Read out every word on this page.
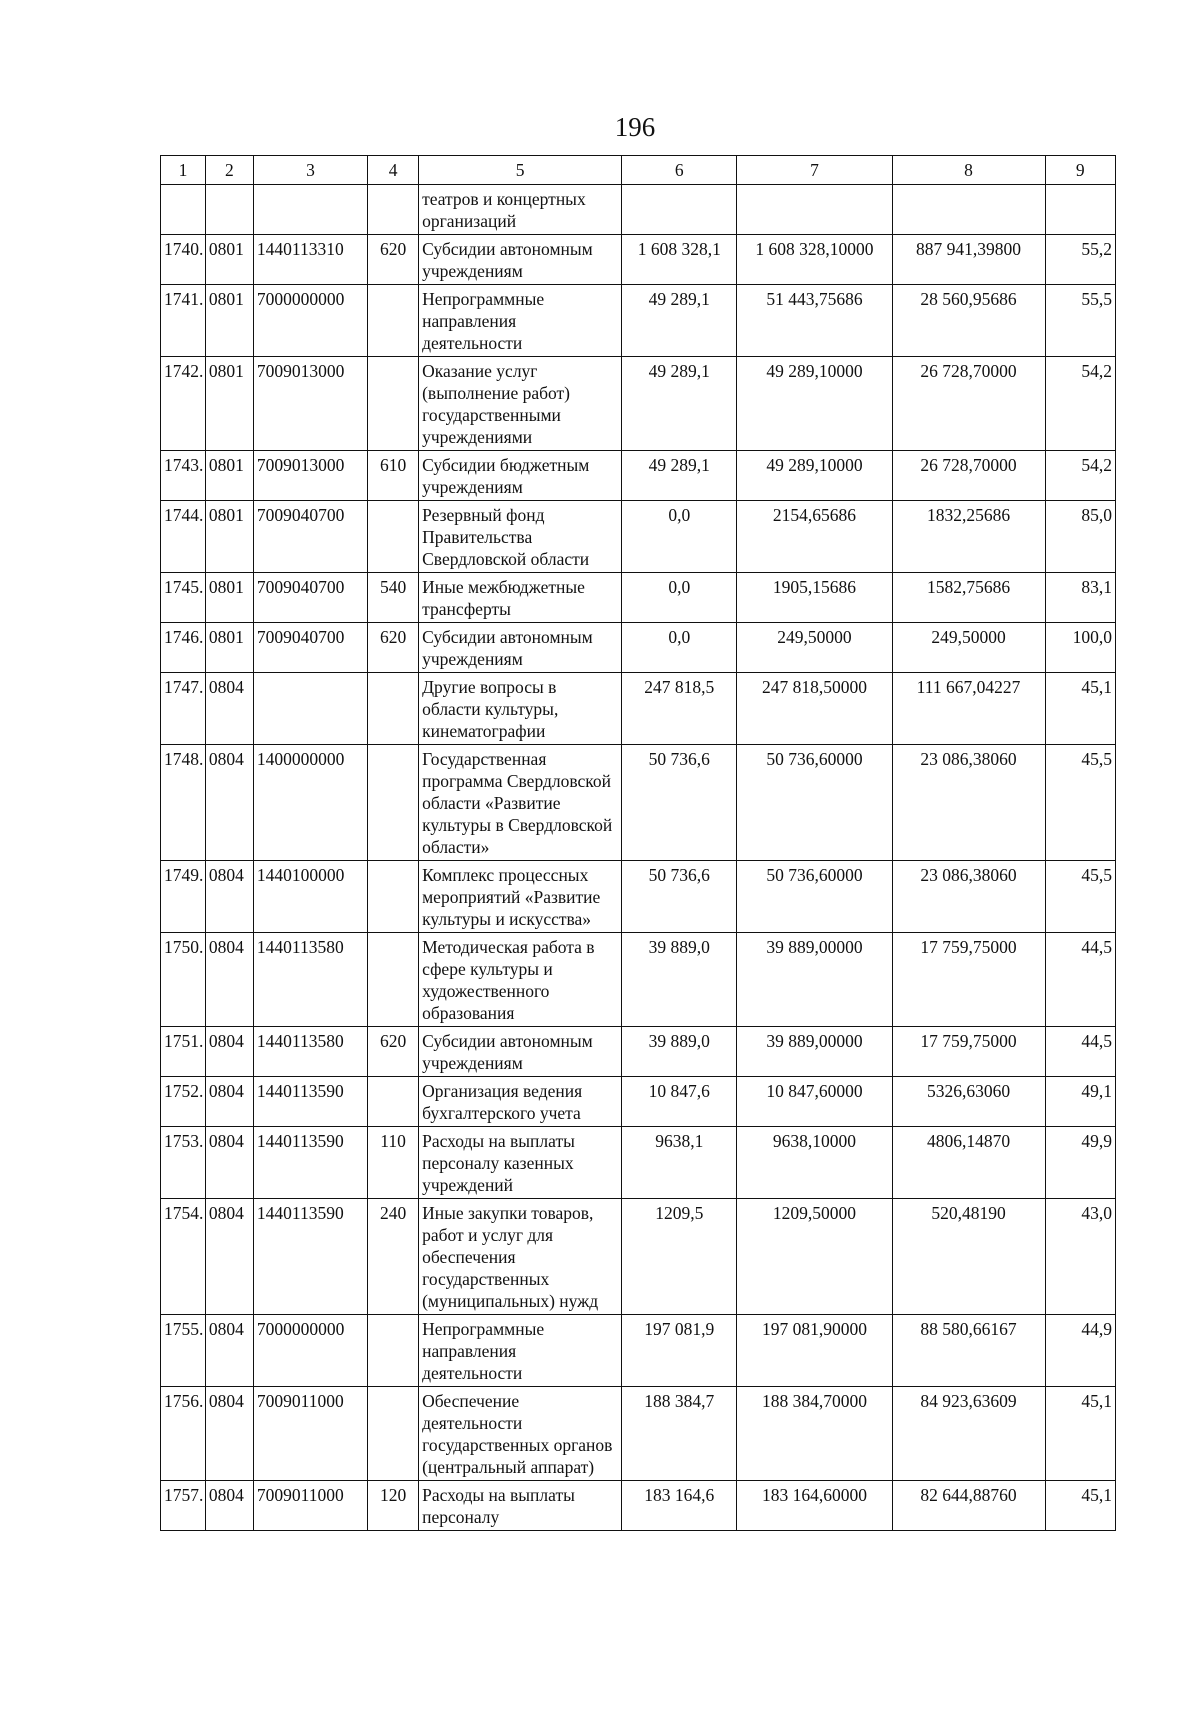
196
1	2	3	4	5	6	7	8	9
				театров и концертных организаций				
1740.	0801	1440113310	620	Субсидии автономным учреждениям	1 608 328,1	1 608 328,10000	887 941,39800	55,2
1741.	0801	7000000000		Непрограммные направления деятельности	49 289,1	51 443,75686	28 560,95686	55,5
1742.	0801	7009013000		Оказание услуг (выполнение работ) государственными учреждениями	49 289,1	49 289,10000	26 728,70000	54,2
1743.	0801	7009013000	610	Субсидии бюджетным учреждениям	49 289,1	49 289,10000	26 728,70000	54,2
1744.	0801	7009040700		Резервный фонд Правительства Свердловской области	0,0	2154,65686	1832,25686	85,0
1745.	0801	7009040700	540	Иные межбюджетные трансферты	0,0	1905,15686	1582,75686	83,1
1746.	0801	7009040700	620	Субсидии автономным учреждениям	0,0	249,50000	249,50000	100,0
1747.	0804			Другие вопросы в области культуры, кинематографии	247 818,5	247 818,50000	111 667,04227	45,1
1748.	0804	1400000000		Государственная программа Свердловской области «Развитие культуры в Свердловской области»	50 736,6	50 736,60000	23 086,38060	45,5
1749.	0804	1440100000		Комплекс процессных мероприятий «Развитие культуры и искусства»	50 736,6	50 736,60000	23 086,38060	45,5
1750.	0804	1440113580		Методическая работа в сфере культуры и художественного образования	39 889,0	39 889,00000	17 759,75000	44,5
1751.	0804	1440113580	620	Субсидии автономным учреждениям	39 889,0	39 889,00000	17 759,75000	44,5
1752.	0804	1440113590		Организация ведения бухгалтерского учета	10 847,6	10 847,60000	5326,63060	49,1
1753.	0804	1440113590	110	Расходы на выплаты персоналу казенных учреждений	9638,1	9638,10000	4806,14870	49,9
1754.	0804	1440113590	240	Иные закупки товаров, работ и услуг для обеспечения государственных (муниципальных) нужд	1209,5	1209,50000	520,48190	43,0
1755.	0804	7000000000		Непрограммные направления деятельности	197 081,9	197 081,90000	88 580,66167	44,9
1756.	0804	7009011000		Обеспечение деятельности государственных органов (центральный аппарат)	188 384,7	188 384,70000	84 923,63609	45,1
1757.	0804	7009011000	120	Расходы на выплаты персоналу	183 164,6	183 164,60000	82 644,88760	45,1
